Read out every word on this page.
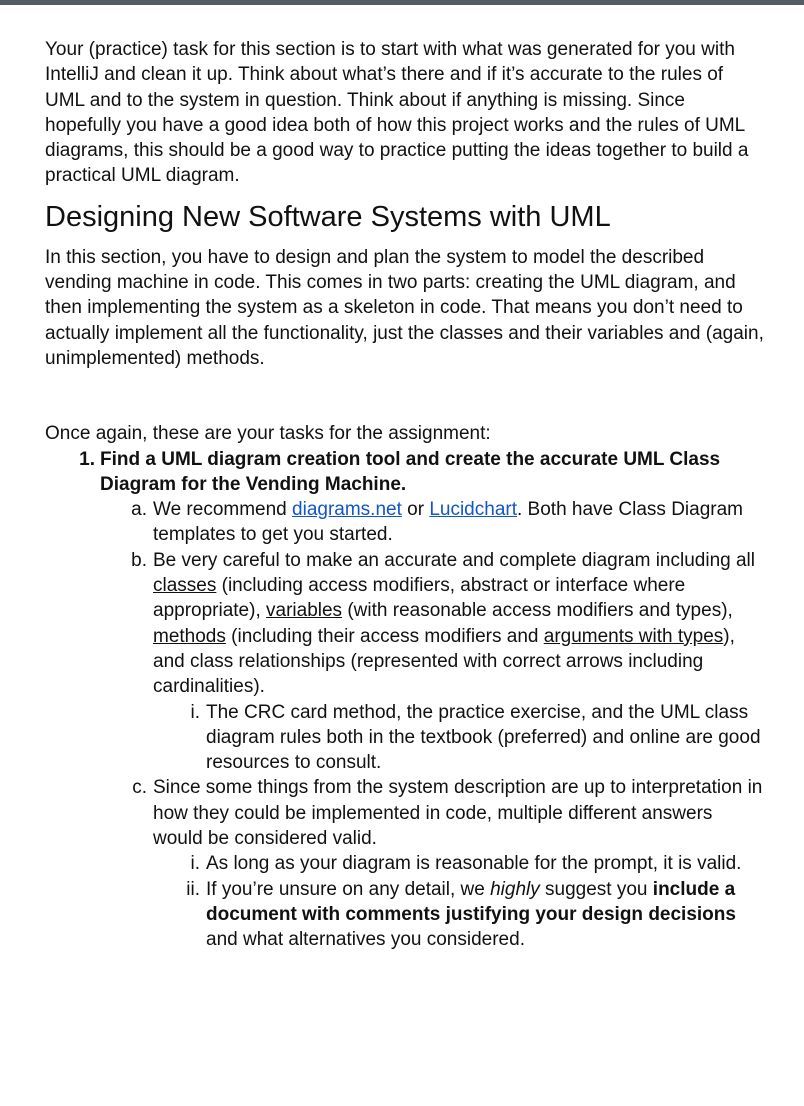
Your (practice) task for this section is to start with what was generated for you with IntelliJ and clean it up. Think about what’s there and if it’s accurate to the rules of UML and to the system in question. Think about if anything is missing. Since hopefully you have a good idea both of how this project works and the rules of UML diagrams, this should be a good way to practice putting the ideas together to build a practical UML diagram.

Designing New Software Systems with UML

In this section, you have to design and plan the system to model the described vending machine in code. This comes in two parts: creating the UML diagram, and then implementing the system as a skeleton in code. That means you don’t need to actually implement all the functionality, just the classes and their variables and (again, unimplemented) methods.

Once again, these are your tasks for the assignment:

1. Find a UML diagram creation tool and create the accurate UML Class Diagram for the Vending Machine.
a. We recommend diagrams.net or Lucidchart. Both have Class Diagram templates to get you started.
b. Be very careful to make an accurate and complete diagram including all classes (including access modifiers, abstract or interface where appropriate), variables (with reasonable access modifiers and types), methods (including their access modifiers and arguments with types), and class relationships (represented with correct arrows including cardinalities).
i. The CRC card method, the practice exercise, and the UML class diagram rules both in the textbook (preferred) and online are good resources to consult.
c. Since some things from the system description are up to interpretation in how they could be implemented in code, multiple different answers would be considered valid.
i. As long as your diagram is reasonable for the prompt, it is valid.
ii. If you’re unsure on any detail, we highly suggest you include a document with comments justifying your design decisions and what alternatives you considered.
